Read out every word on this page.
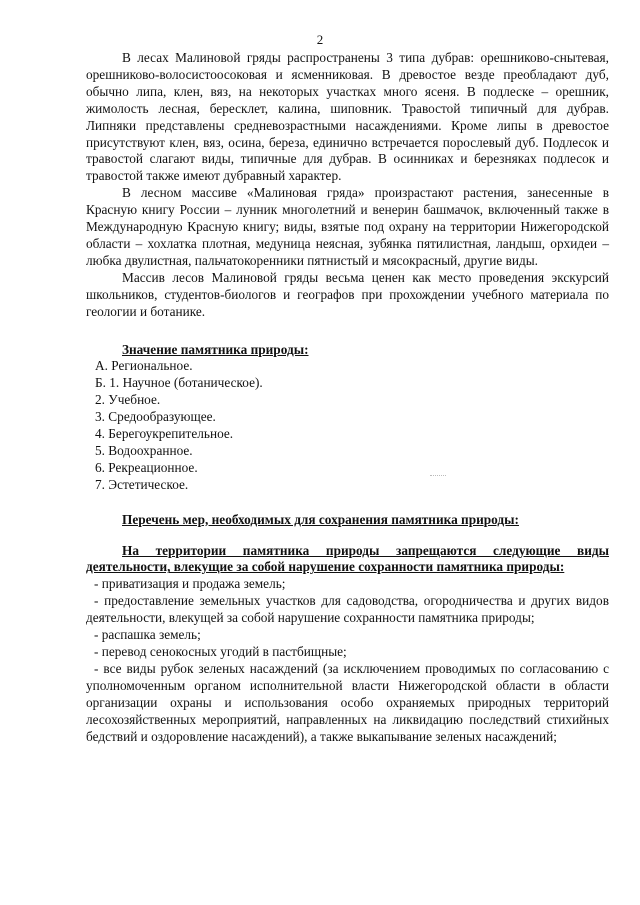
2

В лесах Малиновой гряды распространены 3 типа дубрав: орешниково-снытевая, орешниково-волосистоосоковая и ясменниковая. В древостое везде преобладают дуб, обычно липа, клен, вяз, на некоторых участках много ясеня. В подлеске – орешник, жимолость лесная, бересклет, калина, шиповник. Травостой типичный для дубрав. Липняки представлены средневозрастными насаждениями. Кроме липы в древостое присутствуют клен, вяз, осина, береза, единично встречается порослевый дуб. Подлесок и травостой слагают виды, типичные для дубрав. В осинниках и березняках подлесок и травостой также имеют дубравный характер.

В лесном массиве «Малиновая гряда» произрастают растения, занесенные в Красную книгу России – лунник многолетний и венерин башмачок, включенный также в Международную Красную книгу; виды, взятые под охрану на территории Нижегородской области – хохлатка плотная, медуница неясная, зубянка пятилистная, ландыш, орхидеи – любка двулистная, пальчатокоренники пятнистый и мясокрасный, другие виды.

Массив лесов Малиновой гряды весьма ценен как место проведения экскурсий школьников, студентов-биологов и географов при прохождении учебного материала по геологии и ботанике.

Значение памятника природы:

А. Региональное.

Б. 1. Научное (ботаническое).

2. Учебное.

3. Средообразующее.

4. Берегоукрепительное.

5. Водоохранное.

6. Рекреационное.

7. Эстетическое.

Перечень мер, необходимых для сохранения памятника природы:

На территории памятника природы запрещаются следующие виды деятельности, влекущие за собой нарушение сохранности памятника природы:

- приватизация и продажа земель;

- предоставление земельных участков для садоводства, огородничества и других видов деятельности, влекущей за собой нарушение сохранности памятника природы;

- распашка земель;

- перевод сенокосных угодий в пастбищные;

- все виды рубок зеленых насаждений (за исключением проводимых по согласованию с уполномоченным органом исполнительной власти Нижегородской области в области организации охраны и использования особо охраняемых природных территорий лесохозяйственных мероприятий, направленных на ликвидацию последствий стихийных бедствий и оздоровление насаждений), а также выкапывание зеленых насаждений;
